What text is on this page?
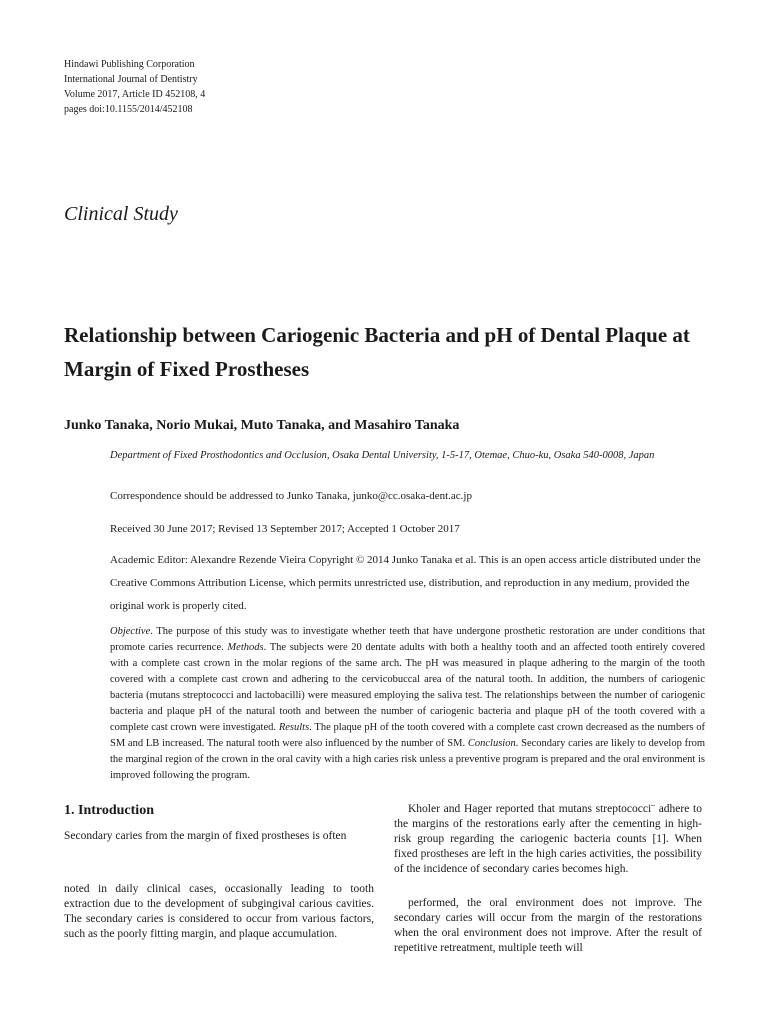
Hindawi Publishing Corporation
International Journal of Dentistry
Volume 2017, Article ID 452108, 4
pages doi:10.1155/2014/452108
Clinical Study
Relationship between Cariogenic Bacteria and pH of Dental Plaque at Margin of Fixed Prostheses
Junko Tanaka, Norio Mukai, Muto Tanaka, and Masahiro Tanaka
Department of Fixed Prosthodontics and Occlusion, Osaka Dental University, 1-5-17, Otemae, Chuo-ku, Osaka 540-0008, Japan
Correspondence should be addressed to Junko Tanaka, junko@cc.osaka-dent.ac.jp
Received 30 June 2017; Revised 13 September 2017; Accepted 1 October 2017
Academic Editor: Alexandre Rezende Vieira Copyright © 2014 Junko Tanaka et al. This is an open access article distributed under the Creative Commons Attribution License, which permits unrestricted use, distribution, and reproduction in any medium, provided the original work is properly cited.
Objective. The purpose of this study was to investigate whether teeth that have undergone prosthetic restoration are under conditions that promote caries recurrence. Methods. The subjects were 20 dentate adults with both a healthy tooth and an affected tooth entirely covered with a complete cast crown in the molar regions of the same arch. The pH was measured in plaque adhering to the margin of the tooth covered with a complete cast crown and adhering to the cervicobuccal area of the natural tooth. In addition, the numbers of cariogenic bacteria (mutans streptococci and lactobacilli) were measured employing the saliva test. The relationships between the number of cariogenic bacteria and plaque pH of the natural tooth and between the number of cariogenic bacteria and plaque pH of the tooth covered with a complete cast crown were investigated. Results. The plaque pH of the tooth covered with a complete cast crown decreased as the numbers of SM and LB increased. The natural tooth were also influenced by the number of SM. Conclusion. Secondary caries are likely to develop from the marginal region of the crown in the oral cavity with a high caries risk unless a preventive program is prepared and the oral environment is improved following the program.
1. Introduction

Secondary caries from the margin of fixed prostheses is often

noted in daily clinical cases, occasionally leading to tooth extraction due to the development of subgingival carious cavities. The secondary caries is considered to occur from various factors, such as the poorly fitting margin, and plaque accumulation.

Kholer and Hager reported that mutans streptococci¨ adhere to the margins of the restorations early after the cementing in high-risk group regarding the cariogenic bacteria counts [1]. When fixed prostheses are left in the high caries activities, the possibility of the incidence of secondary caries becomes high.

performed, the oral environment does not improve. The secondary caries will occur from the margin of the restorations when the oral environment does not improve. After the result of repetitive retreatment, multiple teeth will
